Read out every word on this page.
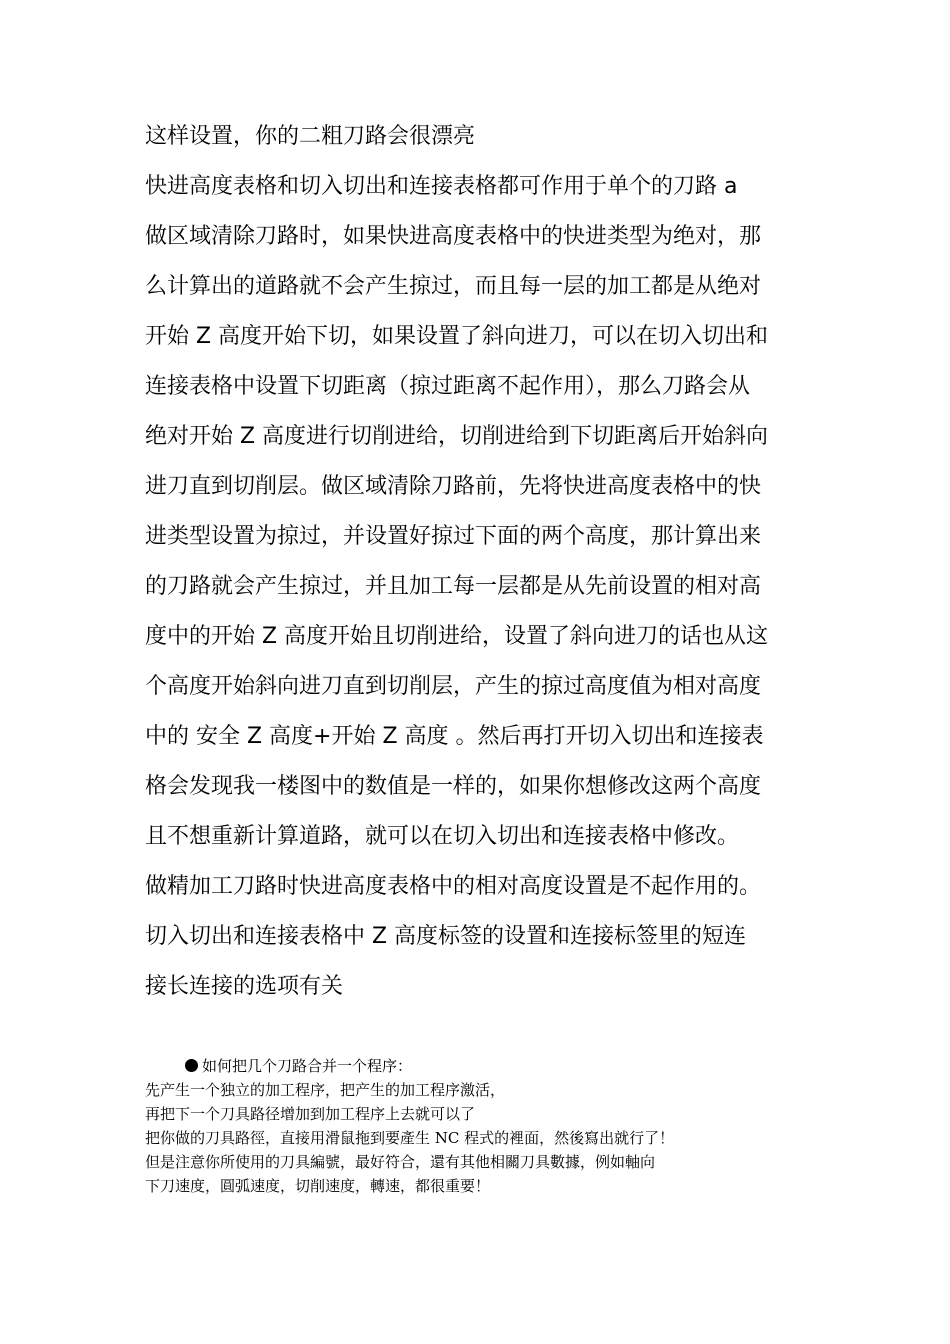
这样设置，你的二粗刀路会很漂亮
快进高度表格和切入切出和连接表格都可作用于单个的刀路 a
做区域清除刀路时，如果快进高度表格中的快进类型为绝对，那
么计算出的道路就不会产生掠过，而且每一层的加工都是从绝对
开始 Z 高度开始下切，如果设置了斜向进刀，可以在切入切出和
连接表格中设置下切距离（掠过距离不起作用），那么刀路会从
绝对开始 Z 高度进行切削进给，切削进给到下切距离后开始斜向
进刀直到切削层。做区域清除刀路前，先将快进高度表格中的快
进类型设置为掠过，并设置好掠过下面的两个高度，那计算出来
的刀路就会产生掠过，并且加工每一层都是从先前设置的相对高
度中的开始 Z 高度开始且切削进给，设置了斜向进刀的话也从这
个高度开始斜向进刀直到切削层，产生的掠过高度值为相对高度
中的 安全 Z 高度+开始 Z 高度 。然后再打开切入切出和连接表
格会发现我一楼图中的数值是一样的，如果你想修改这两个高度
且不想重新计算道路，就可以在切入切出和连接表格中修改。
做精加工刀路时快进高度表格中的相对高度设置是不起作用的。
切入切出和连接表格中 Z 高度标签的设置和连接标签里的短连
接长连接的选项有关
如何把几个刀路合并一个程序：
先产生一个独立的加工程序，把产生的加工程序激活，
再把下一个刀具路径增加到加工程序上去就可以了
把你做的刀具路徑，直接用滑鼠拖到要產生 NC 程式的裡面，然後寫出就行了！
但是注意你所使用的刀具編號，最好符合，還有其他相關刀具數據，例如軸向
下刀速度，圓弧速度，切削速度，轉速，都很重要！
